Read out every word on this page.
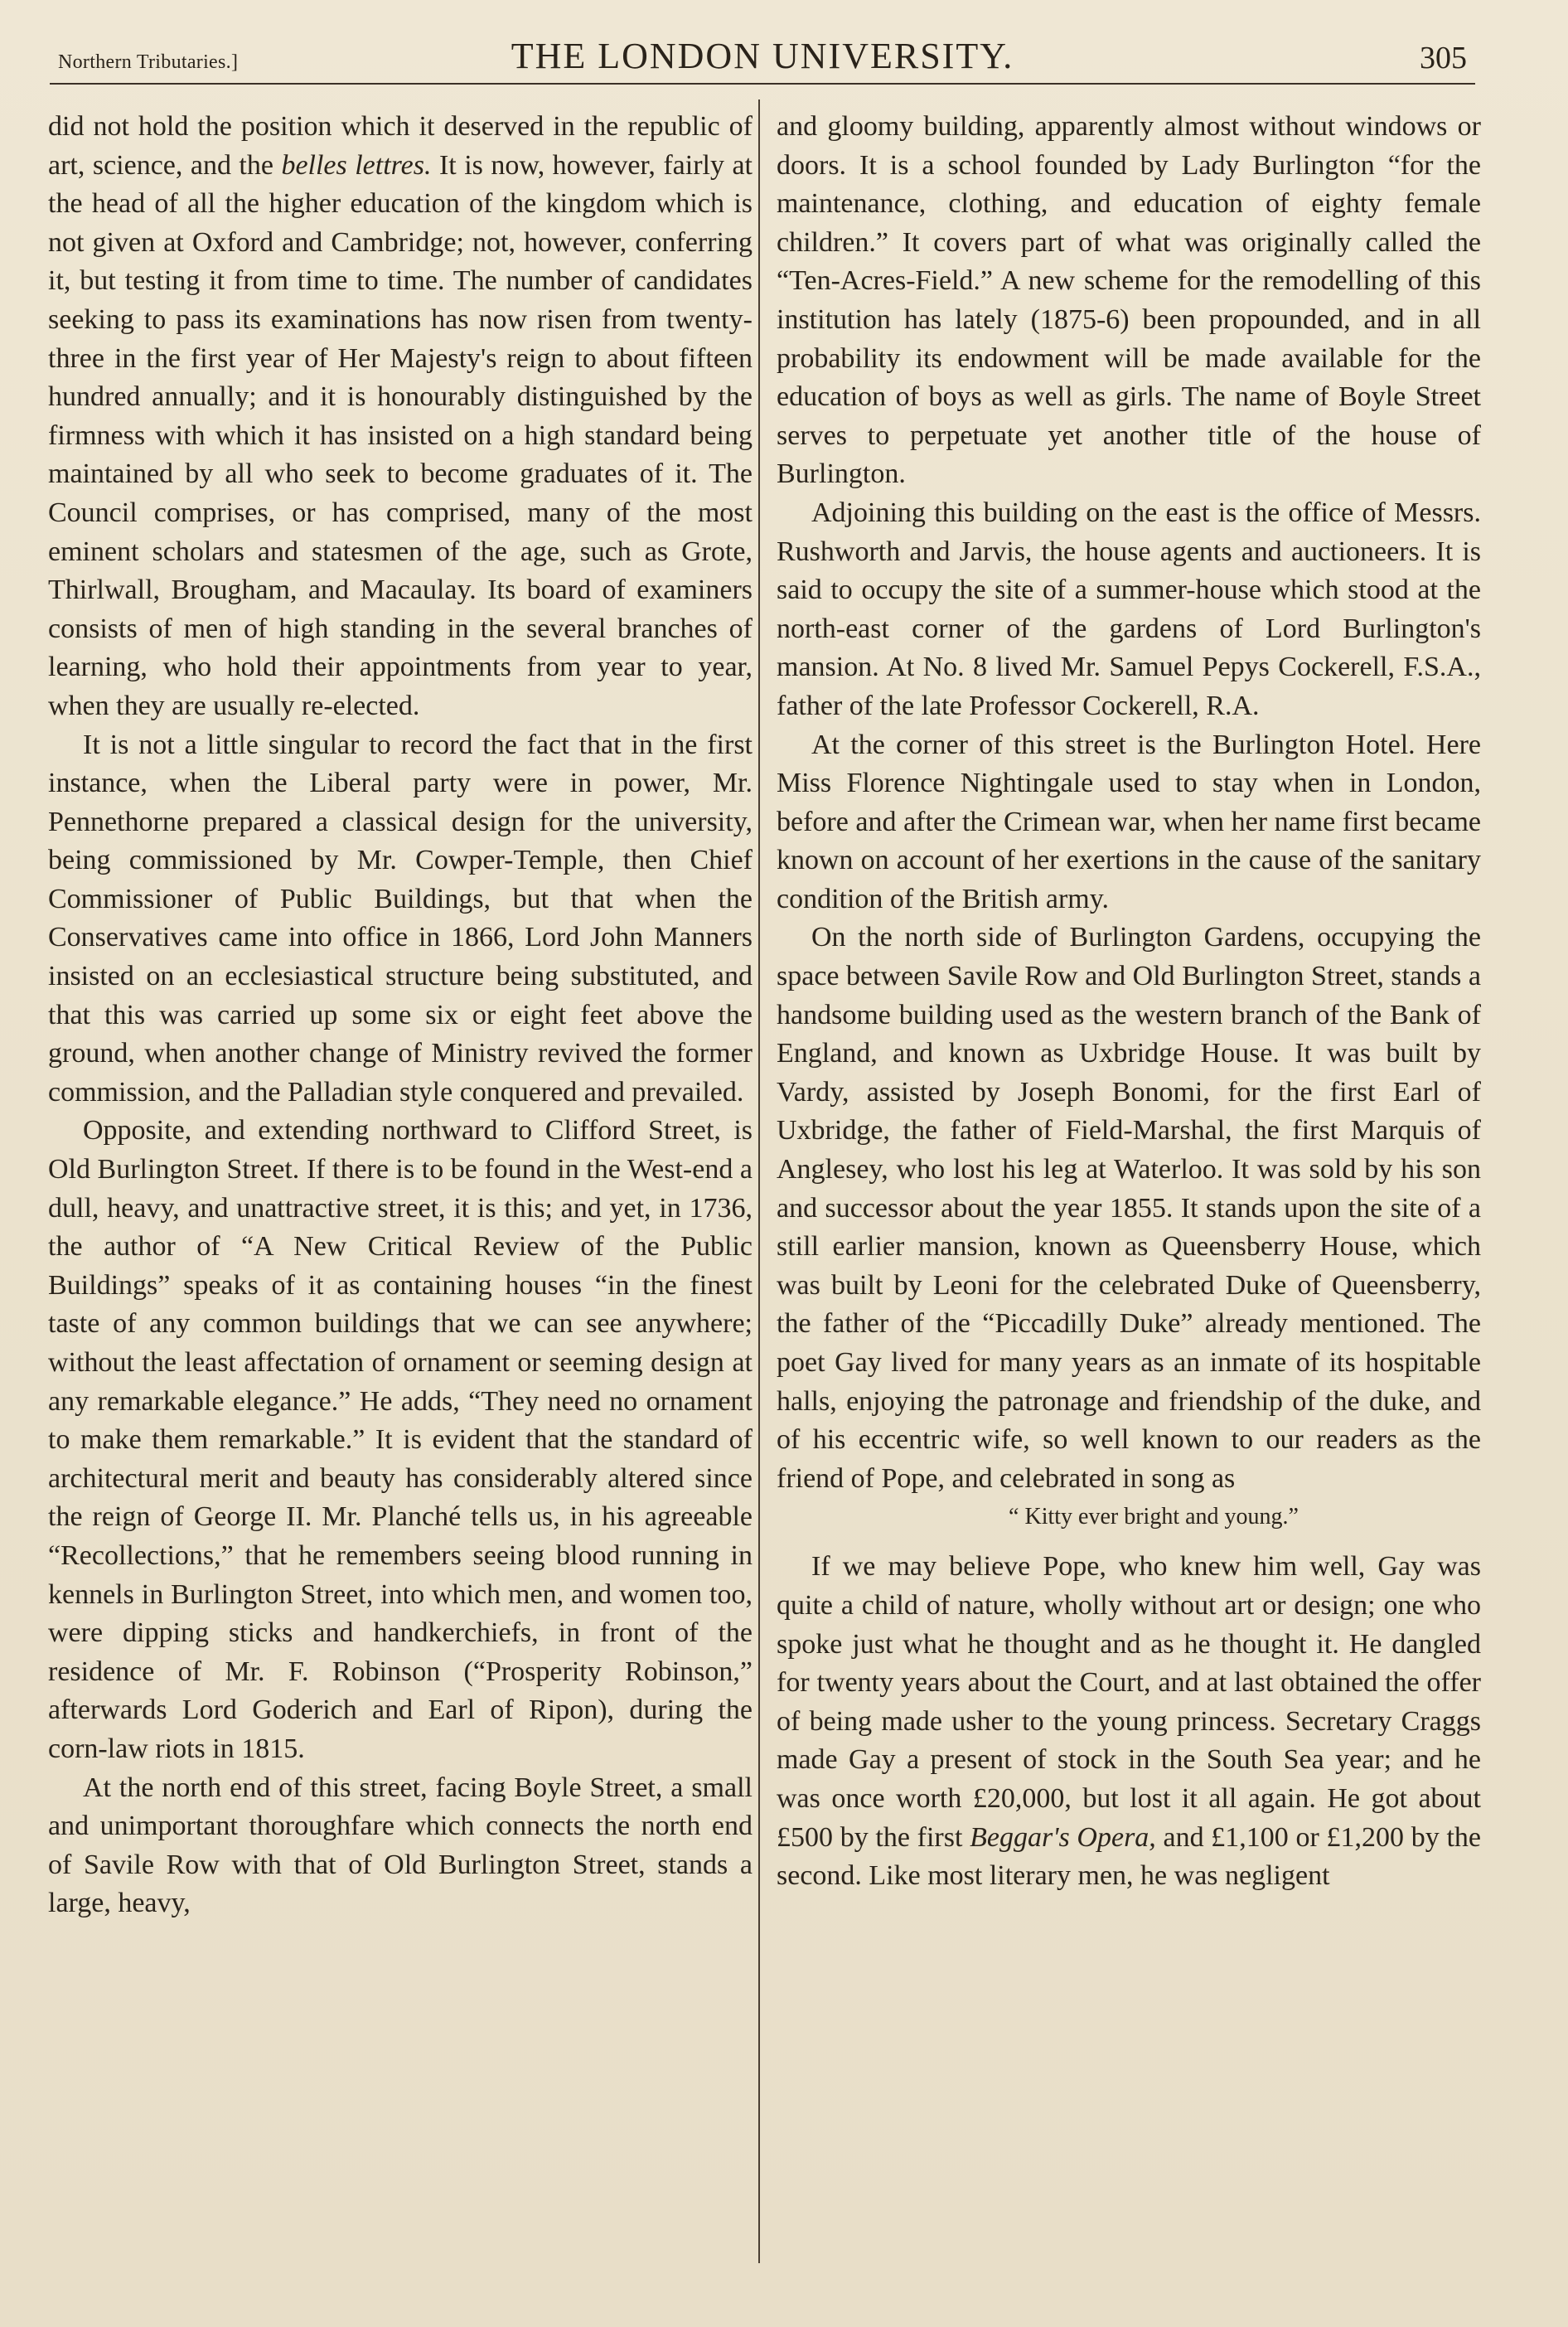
Northern Tributaries.]	THE LONDON UNIVERSITY.	305

did not hold the position which it deserved in the republic of art, science, and the belles lettres. It is now, however, fairly at the head of all the higher education of the kingdom which is not given at Oxford and Cambridge; not, however, conferring it, but testing it from time to time. The number of candidates seeking to pass its examinations has now risen from twenty-three in the first year of Her Majesty's reign to about fifteen hundred annually; and it is honourably distinguished by the firmness with which it has insisted on a high standard being maintained by all who seek to become graduates of it. The Council comprises, or has comprised, many of the most eminent scholars and statesmen of the age, such as Grote, Thirlwall, Brougham, and Macaulay. Its board of examiners consists of men of high standing in the several branches of learning, who hold their appointments from year to year, when they are usually re-elected.

It is not a little singular to record the fact that in the first instance, when the Liberal party were in power, Mr. Pennethorne prepared a classical design for the university, being commissioned by Mr. Cowper-Temple, then Chief Commissioner of Public Buildings, but that when the Conservatives came into office in 1866, Lord John Manners insisted on an ecclesiastical structure being substituted, and that this was carried up some six or eight feet above the ground, when another change of Ministry revived the former commission, and the Palladian style conquered and prevailed.

Opposite, and extending northward to Clifford Street, is Old Burlington Street. If there is to be found in the West-end a dull, heavy, and unattractive street, it is this; and yet, in 1736, the author of “A New Critical Review of the Public Buildings” speaks of it as containing houses “in the finest taste of any common buildings that we can see anywhere; without the least affectation of ornament or seeming design at any remarkable elegance.” He adds, “They need no ornament to make them remarkable.” It is evident that the standard of architectural merit and beauty has considerably altered since the reign of George II. Mr. Planché tells us, in his agreeable “Recollections,” that he remembers seeing blood running in kennels in Burlington Street, into which men, and women too, were dipping sticks and handkerchiefs, in front of the residence of Mr. F. Robinson (“Prosperity Robinson,” afterwards Lord Goderich and Earl of Ripon), during the corn-law riots in 1815.

At the north end of this street, facing Boyle Street, a small and unimportant thoroughfare which connects the north end of Savile Row with that of Old Burlington Street, stands a large, heavy,

and gloomy building, apparently almost without windows or doors. It is a school founded by Lady Burlington “for the maintenance, clothing, and education of eighty female children.” It covers part of what was originally called the “Ten-Acres-Field.” A new scheme for the remodelling of this institution has lately (1875-6) been propounded, and in all probability its endowment will be made available for the education of boys as well as girls. The name of Boyle Street serves to perpetuate yet another title of the house of Burlington.

Adjoining this building on the east is the office of Messrs. Rushworth and Jarvis, the house agents and auctioneers. It is said to occupy the site of a summer-house which stood at the north-east corner of the gardens of Lord Burlington's mansion. At No. 8 lived Mr. Samuel Pepys Cockerell, F.S.A., father of the late Professor Cockerell, R.A.

At the corner of this street is the Burlington Hotel. Here Miss Florence Nightingale used to stay when in London, before and after the Crimean war, when her name first became known on account of her exertions in the cause of the sanitary condition of the British army.

On the north side of Burlington Gardens, occupying the space between Savile Row and Old Burlington Street, stands a handsome building used as the western branch of the Bank of England, and known as Uxbridge House. It was built by Vardy, assisted by Joseph Bonomi, for the first Earl of Uxbridge, the father of Field-Marshal, the first Marquis of Anglesey, who lost his leg at Waterloo. It was sold by his son and successor about the year 1855. It stands upon the site of a still earlier mansion, known as Queensberry House, which was built by Leoni for the celebrated Duke of Queensberry, the father of the “Piccadilly Duke” already mentioned. The poet Gay lived for many years as an inmate of its hospitable halls, enjoying the patronage and friendship of the duke, and of his eccentric wife, so well known to our readers as the friend of Pope, and celebrated in song as

“ Kitty ever bright and young.”

If we may believe Pope, who knew him well, Gay was quite a child of nature, wholly without art or design; one who spoke just what he thought and as he thought it. He dangled for twenty years about the Court, and at last obtained the offer of being made usher to the young princess. Secretary Craggs made Gay a present of stock in the South Sea year; and he was once worth £20,000, but lost it all again. He got about £500 by the first Beggar's Opera, and £1,100 or £1,200 by the second. Like most literary men, he was negligent
